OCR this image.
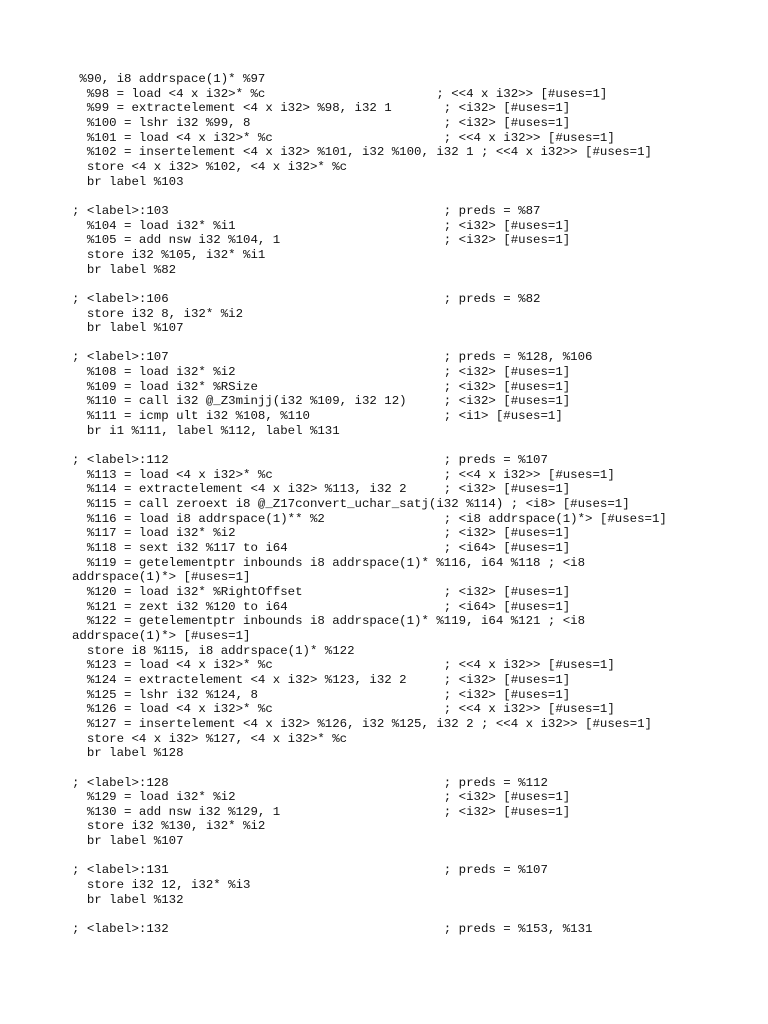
%90, i8 addrspace(1)* %97
%98 = load <4 x i32>* %c                       ; <<4 x i32>> [#uses=1]
%99 = extractelement <4 x i32> %98, i32 1       ; <i32> [#uses=1]
%100 = lshr i32 %99, 8                          ; <i32> [#uses=1]
%101 = load <4 x i32>* %c                       ; <<4 x i32>> [#uses=1]
%102 = insertelement <4 x i32> %101, i32 %100, i32 1 ; <<4 x i32>> [#uses=1]
store <4 x i32> %102, <4 x i32>* %c
br label %103
; <label>:103                                     ; preds = %87
%104 = load i32* %i1                            ; <i32> [#uses=1]
%105 = add nsw i32 %104, 1                      ; <i32> [#uses=1]
store i32 %105, i32* %i1
br label %82
; <label>:106                                     ; preds = %82
store i32 8, i32* %i2
br label %107
; <label>:107                                     ; preds = %128, %106
%108 = load i32* %i2                            ; <i32> [#uses=1]
%109 = load i32* %RSize                         ; <i32> [#uses=1]
%110 = call i32 @_Z3minjj(i32 %109, i32 12)     ; <i32> [#uses=1]
%111 = icmp ult i32 %108, %110                  ; <i1> [#uses=1]
br i1 %111, label %112, label %131
; <label>:112                                     ; preds = %107
%113 = load <4 x i32>* %c                       ; <<4 x i32>> [#uses=1]
%114 = extractelement <4 x i32> %113, i32 2     ; <i32> [#uses=1]
%115 = call zeroext i8 @_Z17convert_uchar_satj(i32 %114) ; <i8> [#uses=1]
%116 = load i8 addrspace(1)** %2                ; <i8 addrspace(1)*> [#uses=1]
%117 = load i32* %i2                            ; <i32> [#uses=1]
%118 = sext i32 %117 to i64                     ; <i64> [#uses=1]
%119 = getelementptr inbounds i8 addrspace(1)* %116, i64 %118 ; <i8
addrspace(1)*> [#uses=1]
%120 = load i32* %RightOffset                   ; <i32> [#uses=1]
%121 = zext i32 %120 to i64                     ; <i64> [#uses=1]
%122 = getelementptr inbounds i8 addrspace(1)* %119, i64 %121 ; <i8
addrspace(1)*> [#uses=1]
store i8 %115, i8 addrspace(1)* %122
%123 = load <4 x i32>* %c                       ; <<4 x i32>> [#uses=1]
%124 = extractelement <4 x i32> %123, i32 2     ; <i32> [#uses=1]
%125 = lshr i32 %124, 8                         ; <i32> [#uses=1]
%126 = load <4 x i32>* %c                       ; <<4 x i32>> [#uses=1]
%127 = insertelement <4 x i32> %126, i32 %125, i32 2 ; <<4 x i32>> [#uses=1]
store <4 x i32> %127, <4 x i32>* %c
br label %128
; <label>:128                                     ; preds = %112
%129 = load i32* %i2                            ; <i32> [#uses=1]
%130 = add nsw i32 %129, 1                      ; <i32> [#uses=1]
store i32 %130, i32* %i2
br label %107
; <label>:131                                     ; preds = %107
store i32 12, i32* %i3
br label %132
; <label>:132                                     ; preds = %153, %131
